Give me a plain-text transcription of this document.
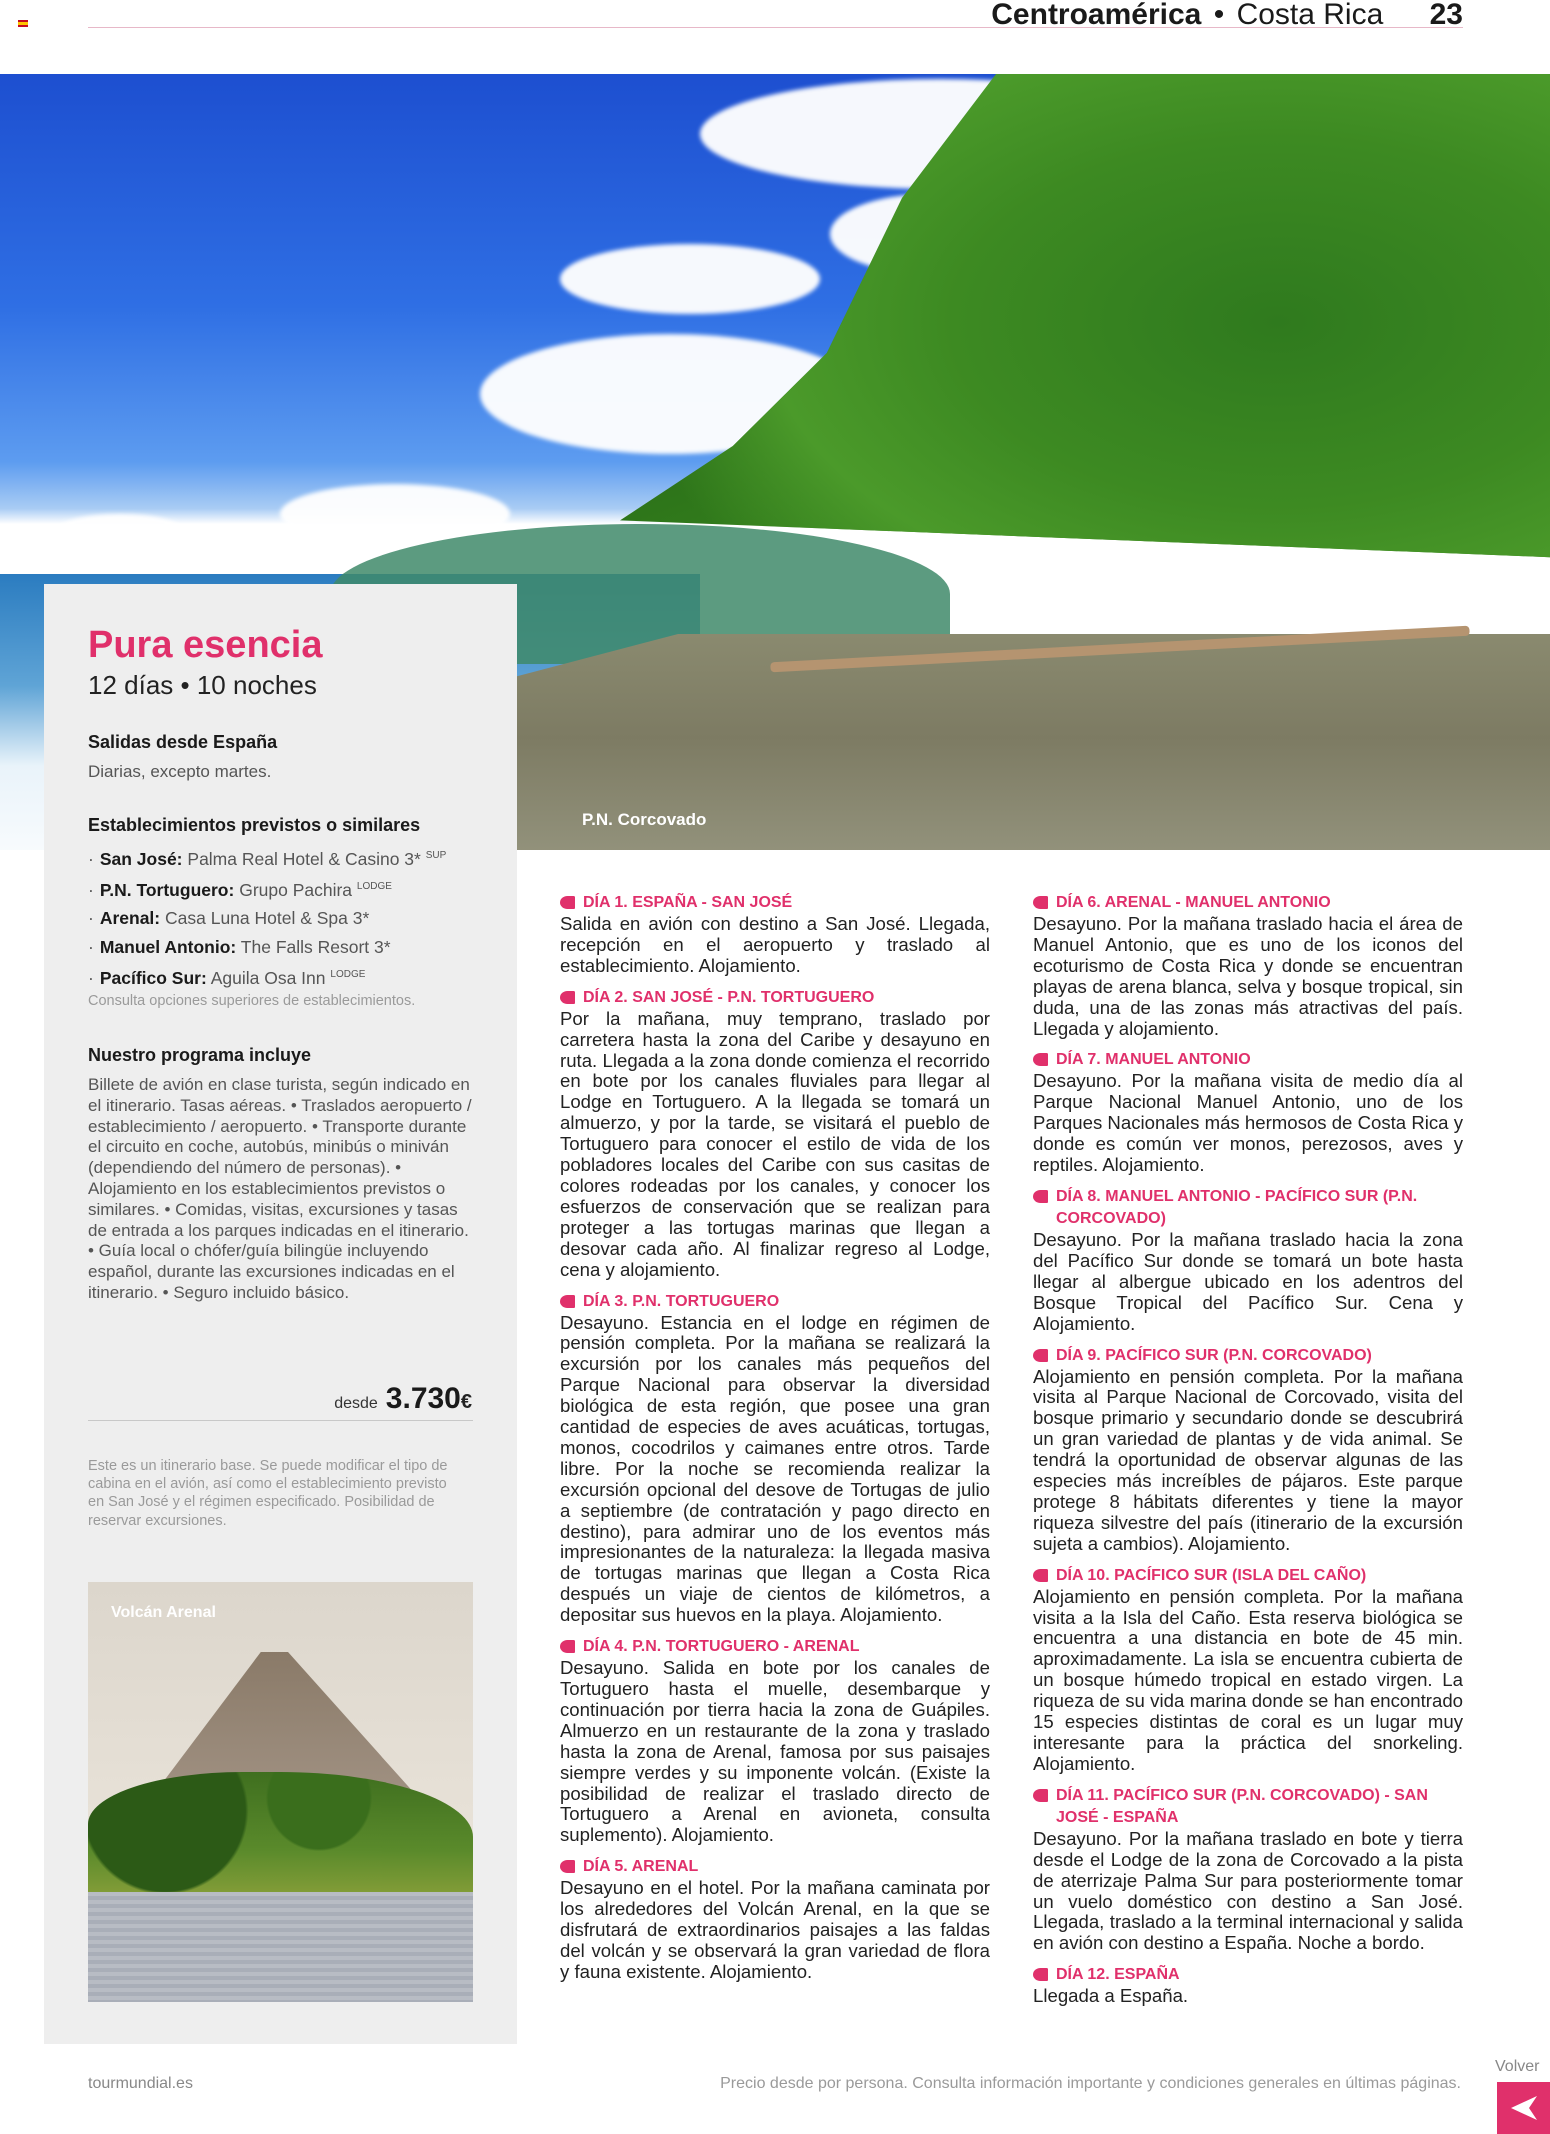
Centroamérica • Costa Rica 23
P.N. Corcovado
Pura esencia
12 días • 10 noches
Salidas desde España
Diarias, excepto martes.
Establecimientos previstos o similares
· San José: Palma Real Hotel & Casino 3* $^{SUP}$
· P.N. Tortuguero: Grupo Pachira $^{LODGE}$
· Arenal: Casa Luna Hotel & Spa 3*
· Manuel Antonio: The Falls Resort 3*
· Pacífico Sur: Aguila Osa Inn $^{LODGE}$
Consulta opciones superiores de establecimientos.
Nuestro programa incluye
Billete de avión en clase turista, según indicado en el itinerario. Tasas aéreas. • Traslados aeropuerto / establecimiento / aeropuerto. • Transporte durante el circuito en coche, autobús, minibús o miniván (dependiendo del número de personas). • Alojamiento en los establecimientos previstos o similares. • Comidas, visitas, excursiones y tasas de entrada a los parques indicadas en el itinerario. • Guía local o chófer/guía bilingüe incluyendo español, durante las excursiones indicadas en el itinerario. • Seguro incluido básico.
desde 3.730€
Este es un itinerario base. Se puede modificar el tipo de cabina en el avión, así como el establecimiento previsto en San José y el régimen especificado. Posibilidad de reservar excursiones.
Volcán Arenal
DÍA 1. ESPAÑA - SAN JOSÉ
Salida en avión con destino a San José. Llegada, recepción en el aeropuerto y traslado al establecimiento. Alojamiento.
DÍA 2. SAN JOSÉ - P.N. TORTUGUERO
Por la mañana, muy temprano, traslado por carretera hasta la zona del Caribe y desayuno en ruta. Llegada a la zona donde comienza el recorrido en bote por los canales fluviales para llegar al Lodge en Tortuguero. A la llegada se tomará un almuerzo, y por la tarde, se visitará el pueblo de Tortuguero para conocer el estilo de vida de los pobladores locales del Caribe con sus casitas de colores rodeadas por los canales, y conocer los esfuerzos de conservación que se realizan para proteger a las tortugas marinas que llegan a desovar cada año. Al finalizar regreso al Lodge, cena y alojamiento.
DÍA 3. P.N. TORTUGUERO
Desayuno. Estancia en el lodge en régimen de pensión completa. Por la mañana se realizará la excursión por los canales más pequeños del Parque Nacional para observar la diversidad biológica de esta región, que posee una gran cantidad de especies de aves acuáticas, tortugas, monos, cocodrilos y caimanes entre otros. Tarde libre. Por la noche se recomienda realizar la excursión opcional del desove de Tortugas de julio a septiembre (de contratación y pago directo en destino), para admirar uno de los eventos más impresionantes de la naturaleza: la llegada masiva de tortugas marinas que llegan a Costa Rica después un viaje de cientos de kilómetros, a depositar sus huevos en la playa. Alojamiento.
DÍA 4. P.N. TORTUGUERO - ARENAL
Desayuno. Salida en bote por los canales de Tortuguero hasta el muelle, desembarque y continuación por tierra hacia la zona de Guápiles. Almuerzo en un restaurante de la zona y traslado hasta la zona de Arenal, famosa por sus paisajes siempre verdes y su imponente volcán. (Existe la posibilidad de realizar el traslado directo de Tortuguero a Arenal en avioneta, consulta suplemento). Alojamiento.
DÍA 5. ARENAL
Desayuno en el hotel. Por la mañana caminata por los alrededores del Volcán Arenal, en la que se disfrutará de extraordinarios paisajes a las faldas del volcán y se observará la gran variedad de flora y fauna existente. Alojamiento.
DÍA 6. ARENAL - MANUEL ANTONIO
Desayuno. Por la mañana traslado hacia el área de Manuel Antonio, que es uno de los iconos del ecoturismo de Costa Rica y donde se encuentran playas de arena blanca, selva y bosque tropical, sin duda, una de las zonas más atractivas del país. Llegada y alojamiento.
DÍA 7. MANUEL ANTONIO
Desayuno. Por la mañana visita de medio día al Parque Nacional Manuel Antonio, uno de los Parques Nacionales más hermosos de Costa Rica y donde es común ver monos, perezosos, aves y reptiles. Alojamiento.
DÍA 8. MANUEL ANTONIO - PACÍFICO SUR (P.N. CORCOVADO)
Desayuno. Por la mañana traslado hacia la zona del Pacífico Sur donde se tomará un bote hasta llegar al albergue ubicado en los adentros del Bosque Tropical del Pacífico Sur. Cena y Alojamiento.
DÍA 9. PACÍFICO SUR (P.N. CORCOVADO)
Alojamiento en pensión completa. Por la mañana visita al Parque Nacional de Corcovado, visita del bosque primario y secundario donde se descubrirá un gran variedad de plantas y de vida animal. Se tendrá la oportunidad de observar algunas de las especies más increíbles de pájaros. Este parque protege 8 hábitats diferentes y tiene la mayor riqueza silvestre del país (itinerario de la excursión sujeta a cambios). Alojamiento.
DÍA 10. PACÍFICO SUR (ISLA DEL CAÑO)
Alojamiento en pensión completa. Por la mañana visita a la Isla del Caño. Esta reserva biológica se encuentra a una distancia en bote de 45 min. aproximadamente. La isla se encuentra cubierta de un bosque húmedo tropical en estado virgen. La riqueza de su vida marina donde se han encontrado 15 especies distintas de coral es un lugar muy interesante para la práctica del snorkeling. Alojamiento.
DÍA 11. PACÍFICO SUR (P.N. CORCOVADO) - SAN JOSÉ - ESPAÑA
Desayuno. Por la mañana traslado en bote y tierra desde el Lodge de la zona de Corcovado a la pista de aterrizaje Palma Sur para posteriormente tomar un vuelo doméstico con destino a San José. Llegada, traslado a la terminal internacional y salida en avión con destino a España. Noche a bordo.
DÍA 12. ESPAÑA
Llegada a España.
tourmundial.es	Precio desde por persona. Consulta información importante y condiciones generales en últimas páginas.
Volver
